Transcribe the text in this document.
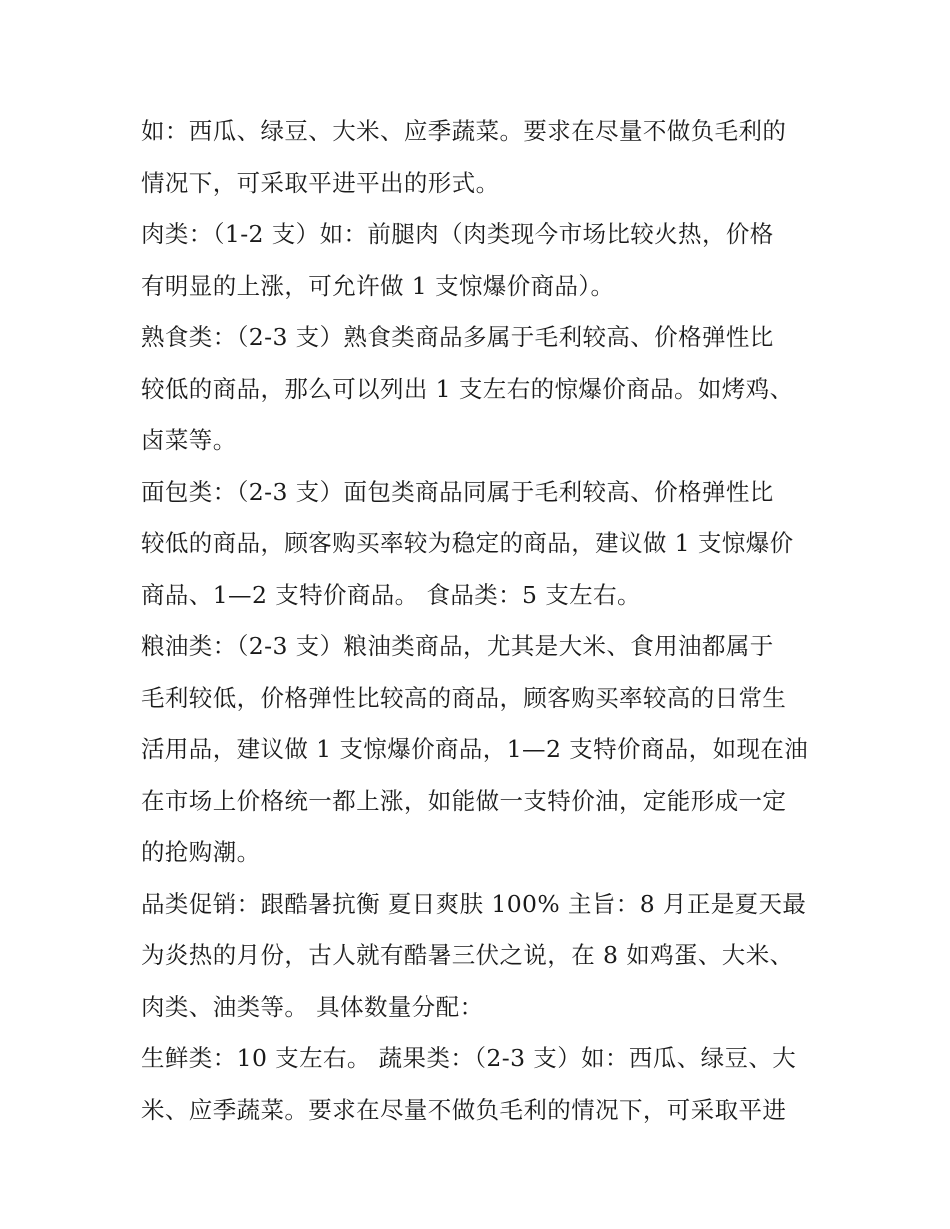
如：西瓜、绿豆、大米、应季蔬菜。要求在尽量不做负毛利的
情况下，可采取平进平出的形式。

肉类：（1-2 支）如：前腿肉（肉类现今市场比较火热，价格
有明显的上涨，可允许做 1 支惊爆价商品）。

熟食类：（2-3 支）熟食类商品多属于毛利较高、价格弹性比
较低的商品，那么可以列出 1 支左右的惊爆价商品。如烤鸡、
卤菜等。

面包类：（2-3 支）面包类商品同属于毛利较高、价格弹性比
较低的商品，顾客购买率较为稳定的商品，建议做 1 支惊爆价
商品、1—2 支特价商品。 食品类：5 支左右。

粮油类：（2-3 支）粮油类商品，尤其是大米、食用油都属于
毛利较低，价格弹性比较高的商品，顾客购买率较高的日常生
活用品，建议做 1 支惊爆价商品，1—2 支特价商品，如现在油
在市场上价格统一都上涨，如能做一支特价油，定能形成一定
的抢购潮。

品类促销：跟酷暑抗衡 夏日爽肤 100% 主旨：8 月正是夏天最
为炎热的月份，古人就有酷暑三伏之说，在 8 如鸡蛋、大米、
肉类、油类等。 具体数量分配：

生鲜类：10 支左右。 蔬果类：（2-3 支）如：西瓜、绿豆、大
米、应季蔬菜。要求在尽量不做负毛利的情况下，可采取平进
